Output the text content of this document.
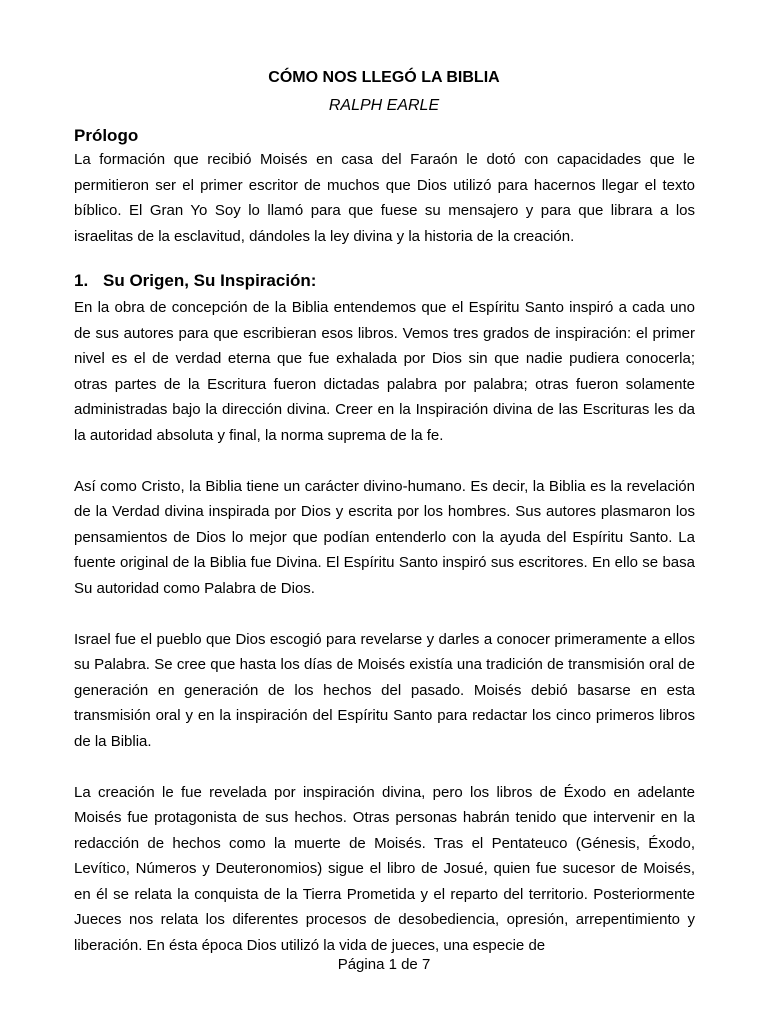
CÓMO NOS LLEGÓ LA BIBLIA
RALPH EARLE
Prólogo

La formación que recibió Moisés en casa del Faraón le dotó con capacidades que le permitieron ser el primer escritor de muchos que Dios utilizó para hacernos llegar el texto bíblico. El Gran Yo Soy lo llamó para que fuese su mensajero y para que librara a los israelitas de la esclavitud, dándoles la ley divina y la historia de la creación.

1. Su Origen, Su Inspiración:

En la obra de concepción de la Biblia entendemos que el Espíritu Santo inspiró a cada uno de sus autores para que escribieran esos libros. Vemos tres grados de inspiración: el primer nivel es el de verdad eterna que fue exhalada por Dios sin que nadie pudiera conocerla; otras partes de la Escritura fueron dictadas palabra por palabra; otras fueron solamente administradas bajo la dirección divina. Creer en la Inspiración divina de las Escrituras les da la autoridad absoluta y final, la norma suprema de la fe.

Así como Cristo, la Biblia tiene un carácter divino-humano. Es decir, la Biblia es la revelación de la Verdad divina inspirada por Dios y escrita por los hombres. Sus autores plasmaron los pensamientos de Dios lo mejor que podían entenderlo con la ayuda del Espíritu Santo. La fuente original de la Biblia fue Divina. El Espíritu Santo inspiró sus escritores. En ello se basa Su autoridad como Palabra de Dios.

Israel fue el pueblo que Dios escogió para revelarse y darles a conocer primeramente a ellos su Palabra. Se cree que hasta los días de Moisés existía una tradición de transmisión oral de generación en generación de los hechos del pasado. Moisés debió basarse en esta transmisión oral y en la inspiración del Espíritu Santo para redactar los cinco primeros libros de la Biblia.

La creación le fue revelada por inspiración divina, pero los libros de Éxodo en adelante Moisés fue protagonista de sus hechos. Otras personas habrán tenido que intervenir en la redacción de hechos como la muerte de Moisés. Tras el Pentateuco (Génesis, Éxodo, Levítico, Números y Deuteronomios) sigue el libro de Josué, quien fue sucesor de Moisés, en él se relata la conquista de la Tierra Prometida y el reparto del territorio. Posteriormente Jueces nos relata los diferentes procesos de desobediencia, opresión, arrepentimiento y liberación. En ésta época Dios utilizó la vida de jueces, una especie de

Página 1 de 7
